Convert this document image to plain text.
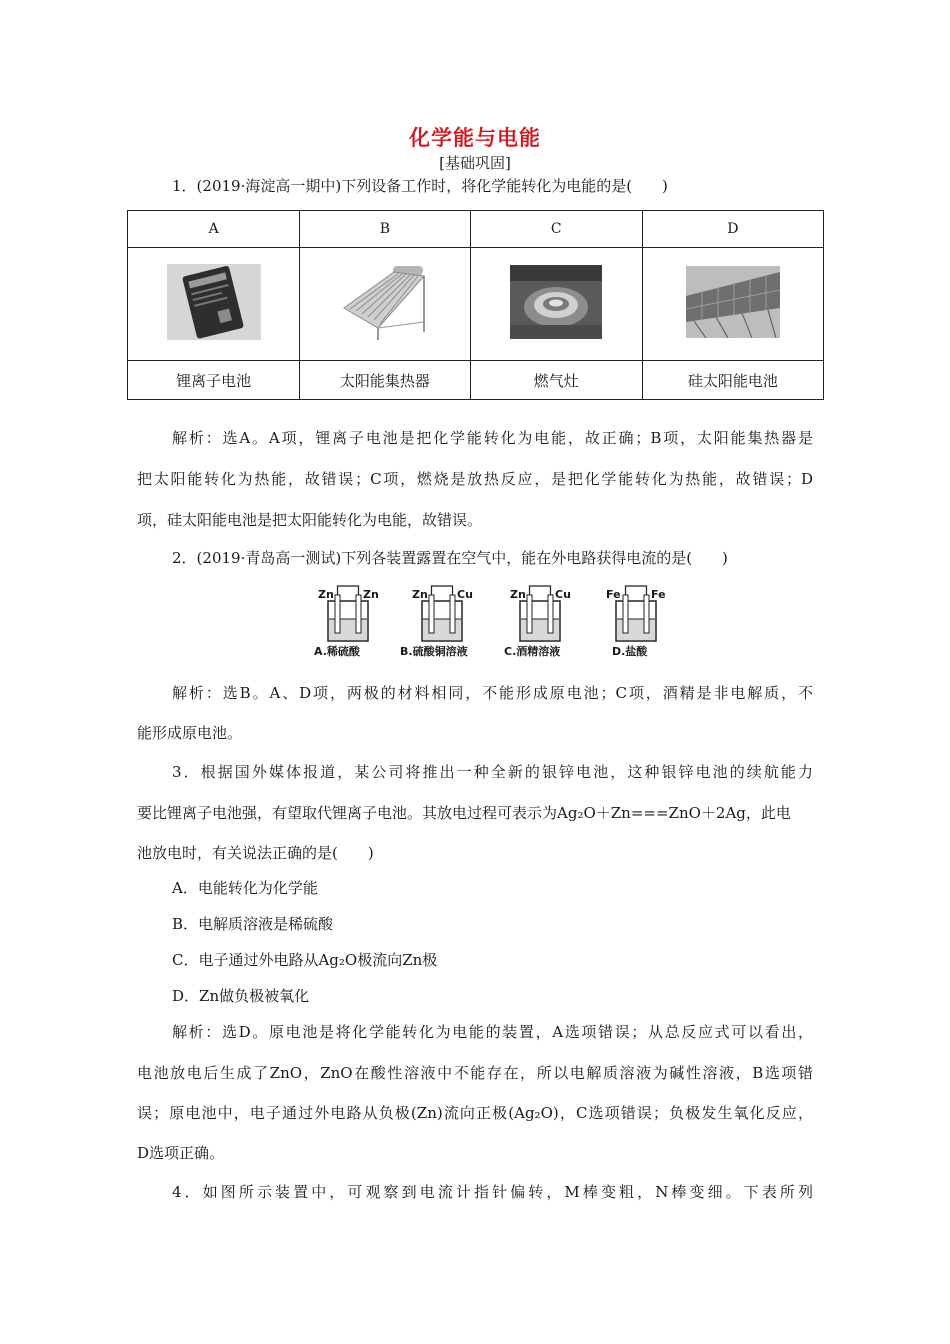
化学能与电能
[基础巩固]
1．(2019·海淀高一期中)下列设备工作时，将化学能转化为电能的是(　　)
A	B	C	D

锂离子电池	太阳能集热器	燃气灶	硅太阳能电池
解析：选A。A项，锂离子电池是把化学能转化为电能，故正确；B项，太阳能集热器是
把太阳能转化为热能，故错误；C项，燃烧是放热反应，是把化学能转化为热能，故错误；D
项，硅太阳能电池是把太阳能转化为电能，故错误。
2．(2019·青岛高一测试)下列各装置露置在空气中，能在外电路获得电流的是(　　)
Zn	Zn
A.稀硫酸
Zn	Cu
B.硫酸铜溶液
Zn	Cu
C.酒精溶液
Fe	Fe
D.盐酸
解析：选B。A、D项，两极的材料相同，不能形成原电池；C项，酒精是非电解质，不
能形成原电池。
3．根据国外媒体报道，某公司将推出一种全新的银锌电池，这种银锌电池的续航能力
要比锂离子电池强，有望取代锂离子电池。其放电过程可表示为Ag₂O＋Zn===ZnO＋2Ag，此电
池放电时，有关说法正确的是(　　)
A．电能转化为化学能
B．电解质溶液是稀硫酸
C．电子通过外电路从Ag₂O极流向Zn极
D．Zn做负极被氧化
解析：选D。原电池是将化学能转化为电能的装置，A选项错误；从总反应式可以看出，
电池放电后生成了ZnO，ZnO在酸性溶液中不能存在，所以电解质溶液为碱性溶液，B选项错
误；原电池中，电子通过外电路从负极(Zn)流向正极(Ag₂O)，C选项错误；负极发生氧化反应，
D选项正确。
4．如图所示装置中，可观察到电流计指针偏转，M棒变粗，N棒变细。下表所列
